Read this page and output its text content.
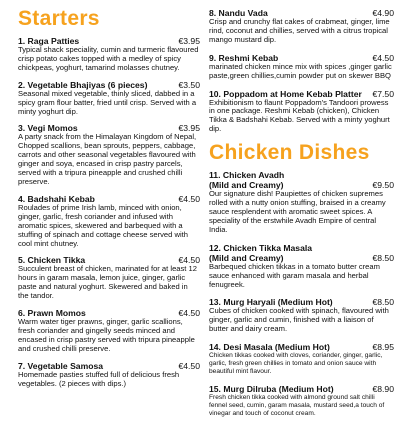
Starters
1. Raga Patties	€3.95

Typical shack speciality, cumin and turmeric flavoured crisp potato cakes topped with a medley of spicy chickpeas, yoghurt, tamarind molasses chutney.

2. Vegetable Bhajiyas (6 pieces)	€3.50

Seasonal mixed vegetable, thinly sliced, dabbed in a spicy gram flour batter, fried until crisp. Served with a minty yoghurt dip.

3. Vegi Momos	€3.95

A party snack from the Himalayan Kingdom of Nepal, Chopped scallions, bean sprouts, peppers, cabbage, carrots and other seasonal vegetables flavoured with ginger and soya, encased in crisp pastry parcels, served with a tripura pineapple and crushed chilli preserve.

4. Badshahi Kebab	€4.50

Roulades of prime Irish lamb, minced with onion, ginger, garlic, fresh coriander and infused with aromatic spices, skewered and barbequed with a stuffing of spinach and cottage cheese served with cool mint chutney.

5. Chicken Tikka	€4.50

Succulent breast of chicken, marinated for at least 12 hours in garam masala, lemon juice, ginger, garlic paste and natural yoghurt. Skewered and baked in the tandor.

6. Prawn Momos	€4.50

Warm water tiger prawns, ginger, garlic scallions, fresh coriander and gingelly seeds minced and encased in crisp pastry served with tripura pineapple and crushed chilli preserve.

7. Vegetable Samosa	€4.50

Homemade pasties stuffed full of delicious fresh vegetables. (2 pieces with dips.)

8. Nandu Vada	€4.90

Crisp and crunchy flat cakes of crabmeat, ginger, lime rind, coconut and chillies, served with a citrus tropical mango mustard dip.

9. Reshmi Kebab	€4.50

marinated chicken mince mix with spices ,ginger garlic paste,green chillies,cumin powder put on skewer BBQ

10. Poppadom at Home Kebab Platter	€7.50

Exhibitionism to flaunt Poppadom's Tandoori prowess in one package. Reshmi Kebab (chicken), Chicken Tikka & Badshahi Kebab. Served with a minty yoghurt dip.

Chicken Dishes
11. Chicken Avadh
(Mild and Creamy)	€9.50

Our signature dish! Paupiettes of chicken supremes rolled with a nutty onion stuffing, braised in a creamy sauce resplendent with aromatic sweet spices. A speciality of the erstwhile Avadh Empire of central India.

12. Chicken Tikka Masala
(Mild and Creamy)	€8.50

Barbequed chicken tikkas in a tomato butter cream sauce enhanced with garam masala and herbal fenugreek.

13. Murg Haryali (Medium Hot)	€8.50

Cubes of chicken cooked with spinach, flavoured with ginger, garlic and cumin, finished with a liaison of butter and dairy cream.

14. Desi Masala (Medium Hot)	€8.95

Chicken tikkas cooked with cloves, coriander, ginger, garlic, garlic, fresh green chillies in tomato and onion sauce with beautiful mint flavour.

15. Murg Dilruba (Medium Hot)	€8.90

Fresh chicken tikka cooked with almond ground salt chilli fennel seed, cumin, garam masala, mustard seed,a touch of vinegar and touch of coconut cream.
